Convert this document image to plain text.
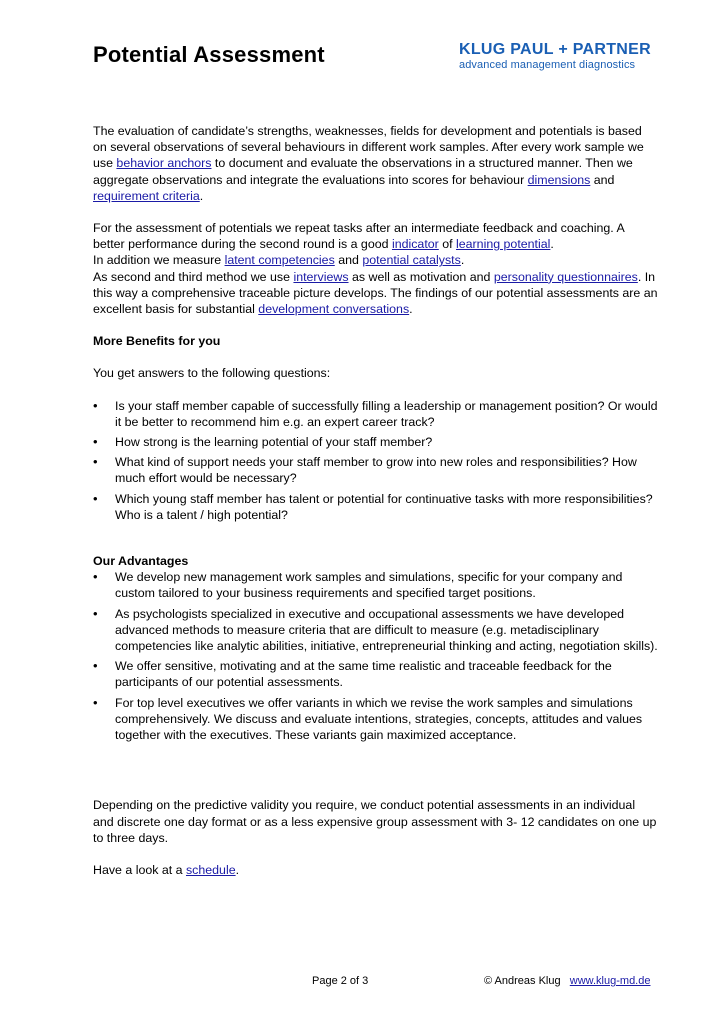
Potential Assessment	KLUG PAUL + PARTNER
advanced management diagnostics

The evaluation of candidate’s strengths, weaknesses, fields for development and potentials is based on several observations of several behaviours in different work samples. After every work sample we use behavior anchors to document and evaluate the observations in a structured manner. Then we aggregate observations and integrate the evaluations into scores for behaviour dimensions and requirement criteria.

For the assessment of potentials we repeat tasks after an intermediate feedback and coaching. A better performance during the second round is a good indicator of learning potential.
In addition we measure latent competencies and potential catalysts.
As second and third method we use interviews as well as motivation and personality questionnaires. In this way a comprehensive traceable picture develops. The findings of our potential assessments are an excellent basis for substantial development conversations.

More Benefits for you

You get answers to the following questions:

• Is your staff member capable of successfully filling a leadership or management position? Or would it be better to recommend him e.g. an expert career track?
• How strong is the learning potential of your staff member?
• What kind of support needs your staff member to grow into new roles and responsibilities? How much effort would be necessary?
• Which young staff member has talent or potential for continuative tasks with more responsibilities? Who is a talent / high potential?
Our Advantages
• We develop new management work samples and simulations, specific for your company and custom tailored to your business requirements and specified target positions.
• As psychologists specialized in executive and occupational assessments we have developed advanced methods to measure criteria that are difficult to measure (e.g. metadisciplinary competencies like analytic abilities, initiative, entrepreneurial thinking and acting, negotiation skills).
• We offer sensitive, motivating and at the same time realistic and traceable feedback for the participants of our potential assessments.
• For top level executives we offer variants in which we revise the work samples and simulations comprehensively. We discuss and evaluate intentions, strategies, concepts, attitudes and values together with the executives. These variants gain maximized acceptance.

Depending on the predictive validity you require, we conduct potential assessments in an individual and discrete one day format or as a less expensive group assessment with 3- 12 candidates on one up to three days.

Have a look at a schedule.

Page 2 of 3	© Andreas Klug www.klug-md.de
